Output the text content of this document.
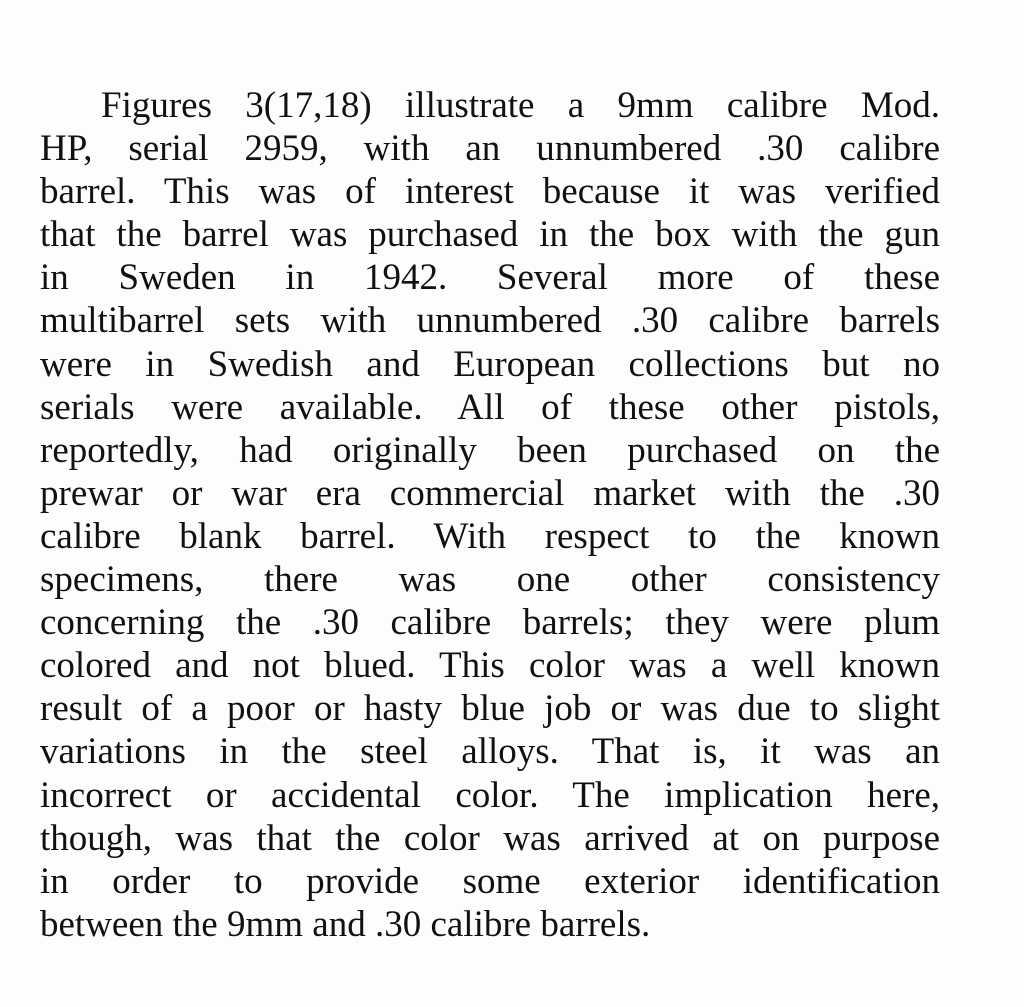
Figures 3(17,18) illustrate a 9mm calibre Mod.
HP, serial 2959, with an unnumbered .30 calibre
barrel. This was of interest because it was verified
that the barrel was purchased in the box with the gun
in Sweden in 1942. Several more of these
multibarrel sets with unnumbered .30 calibre barrels
were in Swedish and European collections but no
serials were available. All of these other pistols,
reportedly, had originally been purchased on the
prewar or war era commercial market with the .30
calibre blank barrel. With respect to the known
specimens, there was one other consistency
concerning the .30 calibre barrels; they were plum
colored and not blued. This color was a well known
result of a poor or hasty blue job or was due to slight
variations in the steel alloys. That is, it was an
incorrect or accidental color. The implication here,
though, was that the color was arrived at on purpose
in order to provide some exterior identification
between the 9mm and .30 calibre barrels.
